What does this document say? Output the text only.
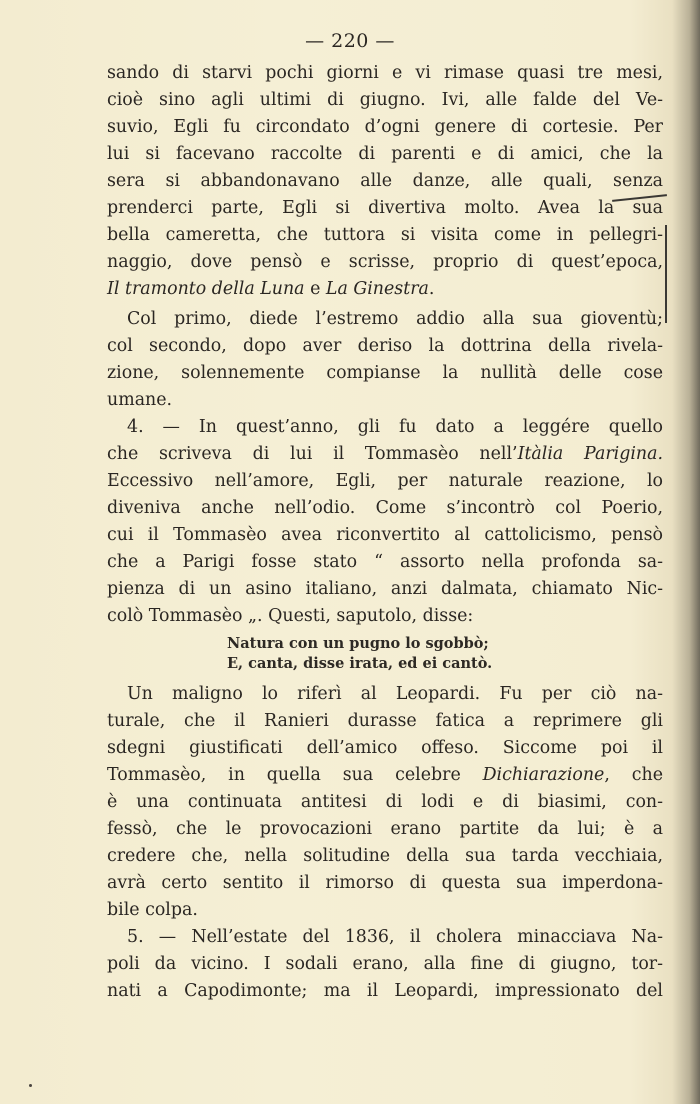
— 220 —
sando di starvi pochi giorni e vi rimase quasi tre mesi,
cioè sino agli ultimi di giugno. Ivi, alle falde del Ve-
suvio, Egli fu circondato d’ogni genere di cortesie. Per
lui si facevano raccolte di parenti e di amici, che la
sera si abbandonavano alle danze, alle quali, senza
prenderci parte, Egli si divertiva molto. Avea la sua
bella cameretta, che tuttora si visita come in pellegri-
naggio, dove pensò e scrisse, proprio di quest’epoca,
Il tramonto della Luna e La Ginestra.
Col primo, diede l’estremo addio alla sua gioventù;
col secondo, dopo aver deriso la dottrina della rivela-
zione, solennemente compianse la nullità delle cose
umane.
4. — In quest’anno, gli fu dato a leggére quello
che scriveva di lui il Tommasèo nell’Itàlia Parigina.
Eccessivo nell’amore, Egli, per naturale reazione, lo
diveniva anche nell’odio. Come s’incontrò col Poerio,
cui il Tommasèo avea riconvertito al cattolicismo, pensò
che a Parigi fosse stato “ assorto nella profonda sa-
pienza di un asino italiano, anzi dalmata, chiamato Nic-
colò Tommasèo „. Questi, saputolo, disse:
Natura con un pugno lo sgobbò;
E, canta, disse irata, ed ei cantò.
Un maligno lo riferì al Leopardi. Fu per ciò na-
turale, che il Ranieri durasse fatica a reprimere gli
sdegni giustificati dell’amico offeso. Siccome poi il
Tommasèo, in quella sua celebre Dichiarazione, che
è una continuata antitesi di lodi e di biasimi, con-
fessò, che le provocazioni erano partite da lui; è a
credere che, nella solitudine della sua tarda vecchiaia,
avrà certo sentito il rimorso di questa sua imperdona-
bile colpa.
5. — Nell’estate del 1836, il cholera minacciava Na-
poli da vicino. I sodali erano, alla fine di giugno, tor-
nati a Capodimonte; ma il Leopardi, impressionato del
